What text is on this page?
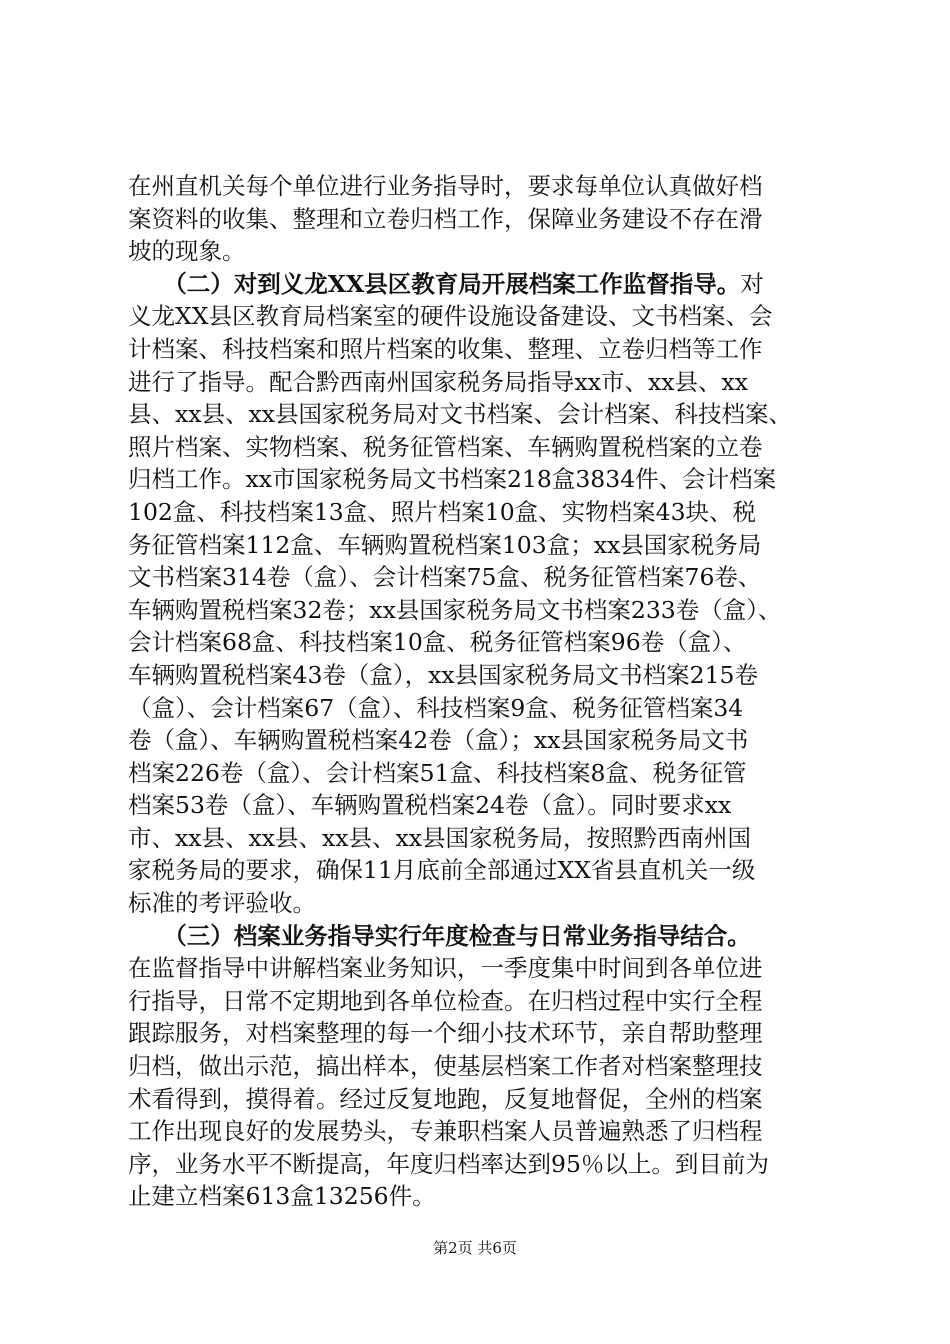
在州直机关每个单位进行业务指导时，要求每单位认真做好档
案资料的收集、整理和立卷归档工作，保障业务建设不存在滑
坡的现象。
　　（二）对到义龙XX县区教育局开展档案工作监督指导。对
义龙XX县区教育局档案室的硬件设施设备建设、文书档案、会
计档案、科技档案和照片档案的收集、整理、立卷归档等工作
进行了指导。配合黔西南州国家税务局指导xx市、xx县、xx
县、xx县、xx县国家税务局对文书档案、会计档案、科技档案、
照片档案、实物档案、税务征管档案、车辆购置税档案的立卷
归档工作。xx市国家税务局文书档案218盒3834件、会计档案
102盒、科技档案13盒、照片档案10盒、实物档案43块、税
务征管档案112盒、车辆购置税档案103盒；xx县国家税务局
文书档案314卷（盒）、会计档案75盒、税务征管档案76卷、
车辆购置税档案32卷；xx县国家税务局文书档案233卷（盒）、
会计档案68盒、科技档案10盒、税务征管档案96卷（盒）、
车辆购置税档案43卷（盒），xx县国家税务局文书档案215卷
（盒）、会计档案67（盒）、科技档案9盒、税务征管档案34
卷（盒）、车辆购置税档案42卷（盒）；xx县国家税务局文书
档案226卷（盒）、会计档案51盒、科技档案8盒、税务征管
档案53卷（盒）、车辆购置税档案24卷（盒）。同时要求xx
市、xx县、xx县、xx县、xx县国家税务局，按照黔西南州国
家税务局的要求，确保11月底前全部通过XX省县直机关一级
标准的考评验收。
　　（三）档案业务指导实行年度检查与日常业务指导结合。
在监督指导中讲解档案业务知识，一季度集中时间到各单位进
行指导，日常不定期地到各单位检查。在归档过程中实行全程
跟踪服务，对档案整理的每一个细小技术环节，亲自帮助整理
归档，做出示范，搞出样本，使基层档案工作者对档案整理技
术看得到，摸得着。经过反复地跑，反复地督促，全州的档案
工作出现良好的发展势头，专兼职档案人员普遍熟悉了归档程
序，业务水平不断提高，年度归档率达到95％以上。到目前为
止建立档案613盒13256件。
第2页 共6页
